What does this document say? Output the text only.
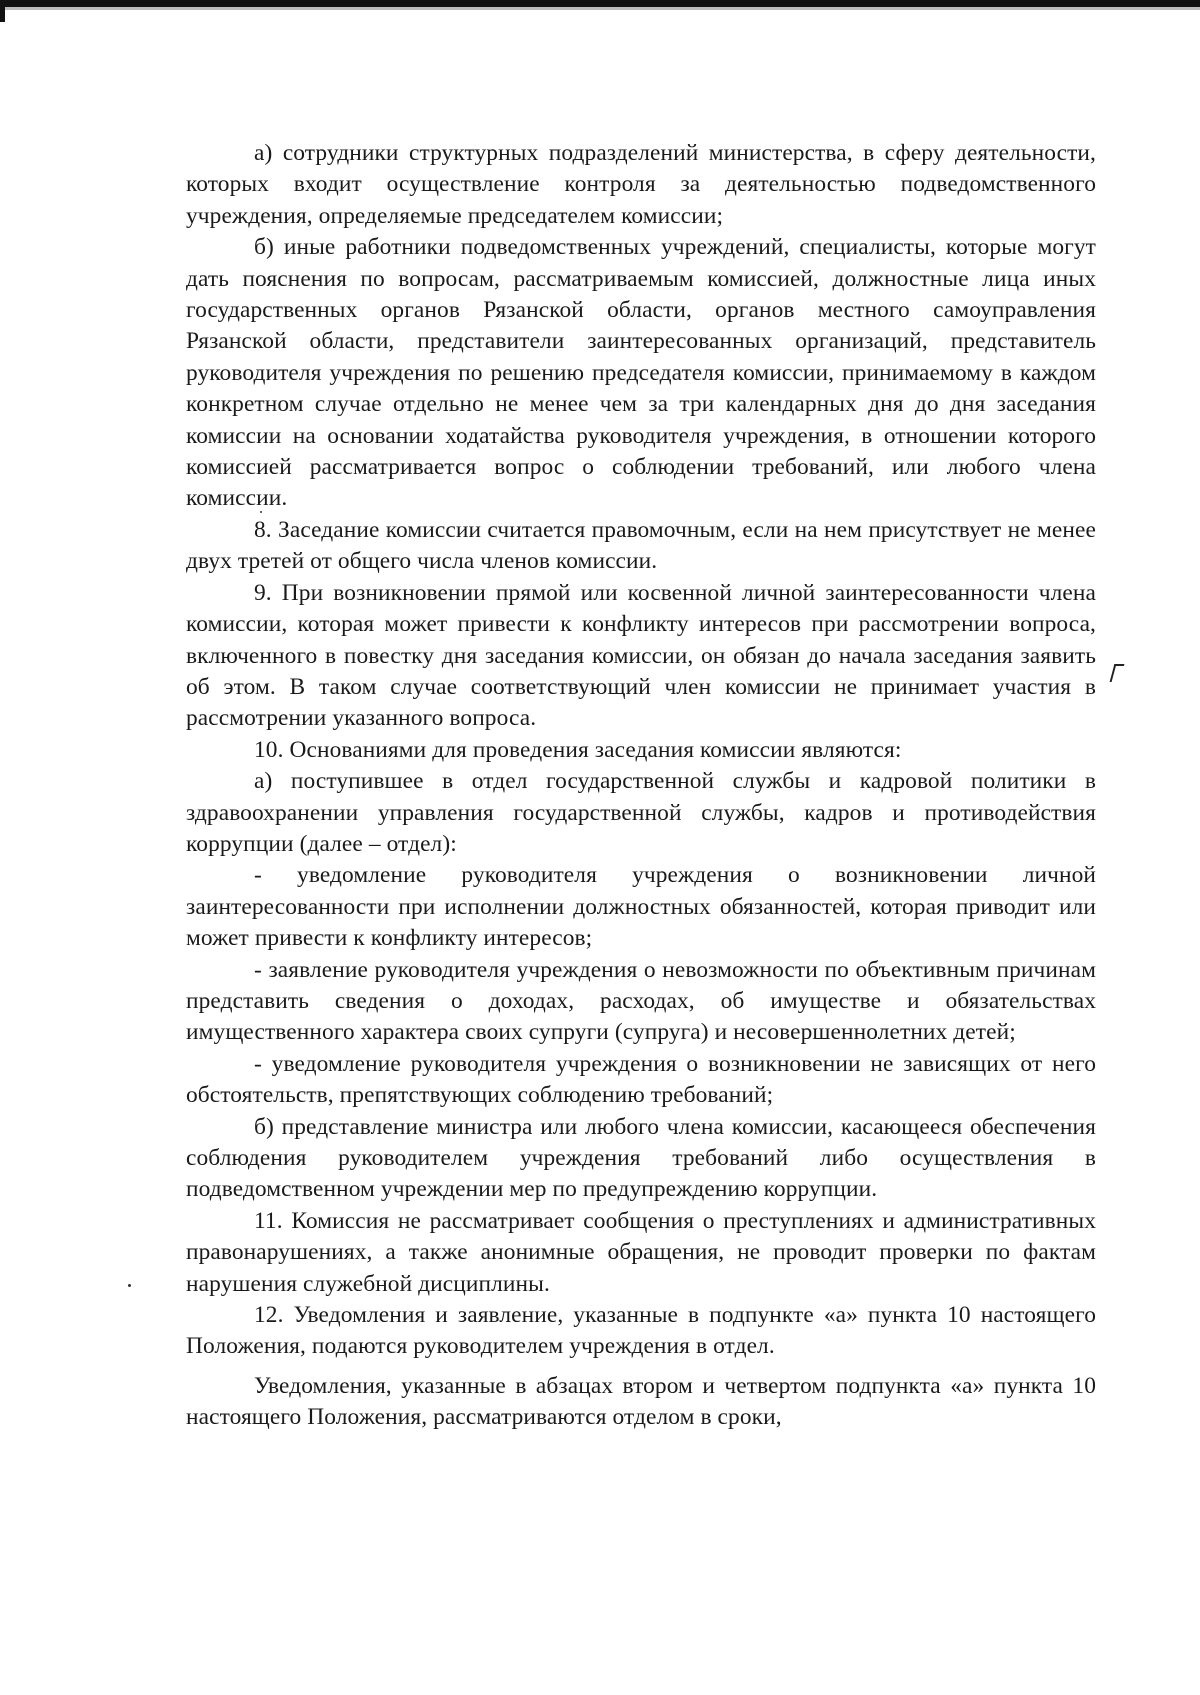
а) сотрудники структурных подразделений министерства, в сферу деятельности, которых входит осуществление контроля за деятельностью подведомственного учреждения, определяемые председателем комиссии;

б) иные работники подведомственных учреждений, специалисты, которые могут дать пояснения по вопросам, рассматриваемым комиссией, должностные лица иных государственных органов Рязанской области, органов местного самоуправления Рязанской области, представители заинтересованных организаций, представитель руководителя учреждения по решению председателя комиссии, принимаемому в каждом конкретном случае отдельно не менее чем за три календарных дня до дня заседания комиссии на основании ходатайства руководителя учреждения, в отношении которого комиссией рассматривается вопрос о соблюдении требований, или любого члена комиссии.

8. Заседание комиссии считается правомочным, если на нем присутствует не менее двух третей от общего числа членов комиссии.

9. При возникновении прямой или косвенной личной заинтересованности члена комиссии, которая может привести к конфликту интересов при рассмотрении вопроса, включенного в повестку дня заседания комиссии, он обязан до начала заседания заявить об этом. В таком случае соответствующий член комиссии не принимает участия в рассмотрении указанного вопроса.

10. Основаниями для проведения заседания комиссии являются:

а) поступившее в отдел государственной службы и кадровой политики в здравоохранении управления государственной службы, кадров и противодействия коррупции (далее – отдел):

- уведомление руководителя учреждения о возникновении личной заинтересованности при исполнении должностных обязанностей, которая приводит или может привести к конфликту интересов;

- заявление руководителя учреждения о невозможности по объективным причинам представить сведения о доходах, расходах, об имуществе и обязательствах имущественного характера своих супруги (супруга) и несовершеннолетних детей;

- уведомление руководителя учреждения о возникновении не зависящих от него обстоятельств, препятствующих соблюдению требований;

б) представление министра или любого члена комиссии, касающееся обеспечения соблюдения руководителем учреждения требований либо осуществления в подведомственном учреждении мер по предупреждению коррупции.

11. Комиссия не рассматривает сообщения о преступлениях и административных правонарушениях, а также анонимные обращения, не проводит проверки по фактам нарушения служебной дисциплины.

12. Уведомления и заявление, указанные в подпункте «а» пункта 10 настоящего Положения, подаются руководителем учреждения в отдел.

Уведомления, указанные в абзацах втором и четвертом подпункта «а» пункта 10 настоящего Положения, рассматриваются отделом в сроки,
